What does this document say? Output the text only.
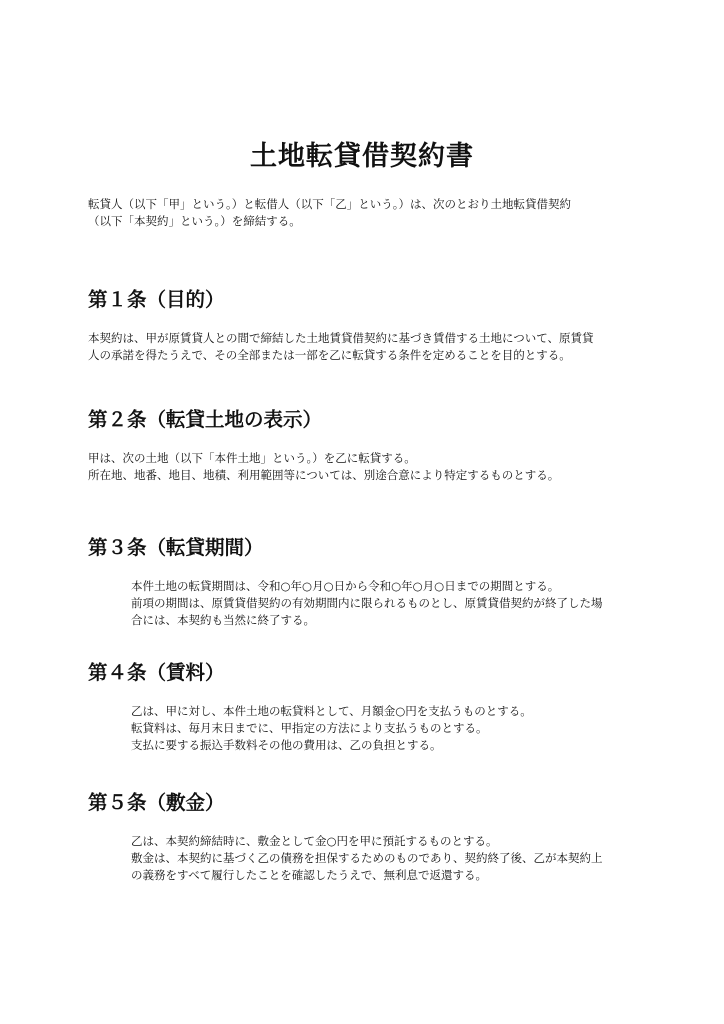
土地転貸借契約書

転貸人（以下「甲」という。）と転借人（以下「乙」という。）は、次のとおり土地転貸借契約

（以下「本契約」という。）を締結する。

第１条（目的）

本契約は、甲が原賃貸人との間で締結した土地賃貸借契約に基づき賃借する土地について、原賃貸

人の承諾を得たうえで、その全部または一部を乙に転貸する条件を定めることを目的とする。

第２条（転貸土地の表示）

甲は、次の土地（以下「本件土地」という。）を乙に転貸する。

所在地、地番、地目、地積、利用範囲等については、別途合意により特定するものとする。

第３条（転貸期間）

本件土地の転貸期間は、令和○年○月○日から令和○年○月○日までの期間とする。

前項の期間は、原賃貸借契約の有効期間内に限られるものとし、原賃貸借契約が終了した場

合には、本契約も当然に終了する。

第４条（賃料）

乙は、甲に対し、本件土地の転貸料として、月額金○円を支払うものとする。

転貸料は、毎月末日までに、甲指定の方法により支払うものとする。

支払に要する振込手数料その他の費用は、乙の負担とする。

第５条（敷金）

乙は、本契約締結時に、敷金として金○円を甲に預託するものとする。

敷金は、本契約に基づく乙の債務を担保するためのものであり、契約終了後、乙が本契約上

の義務をすべて履行したことを確認したうえで、無利息で返還する。
